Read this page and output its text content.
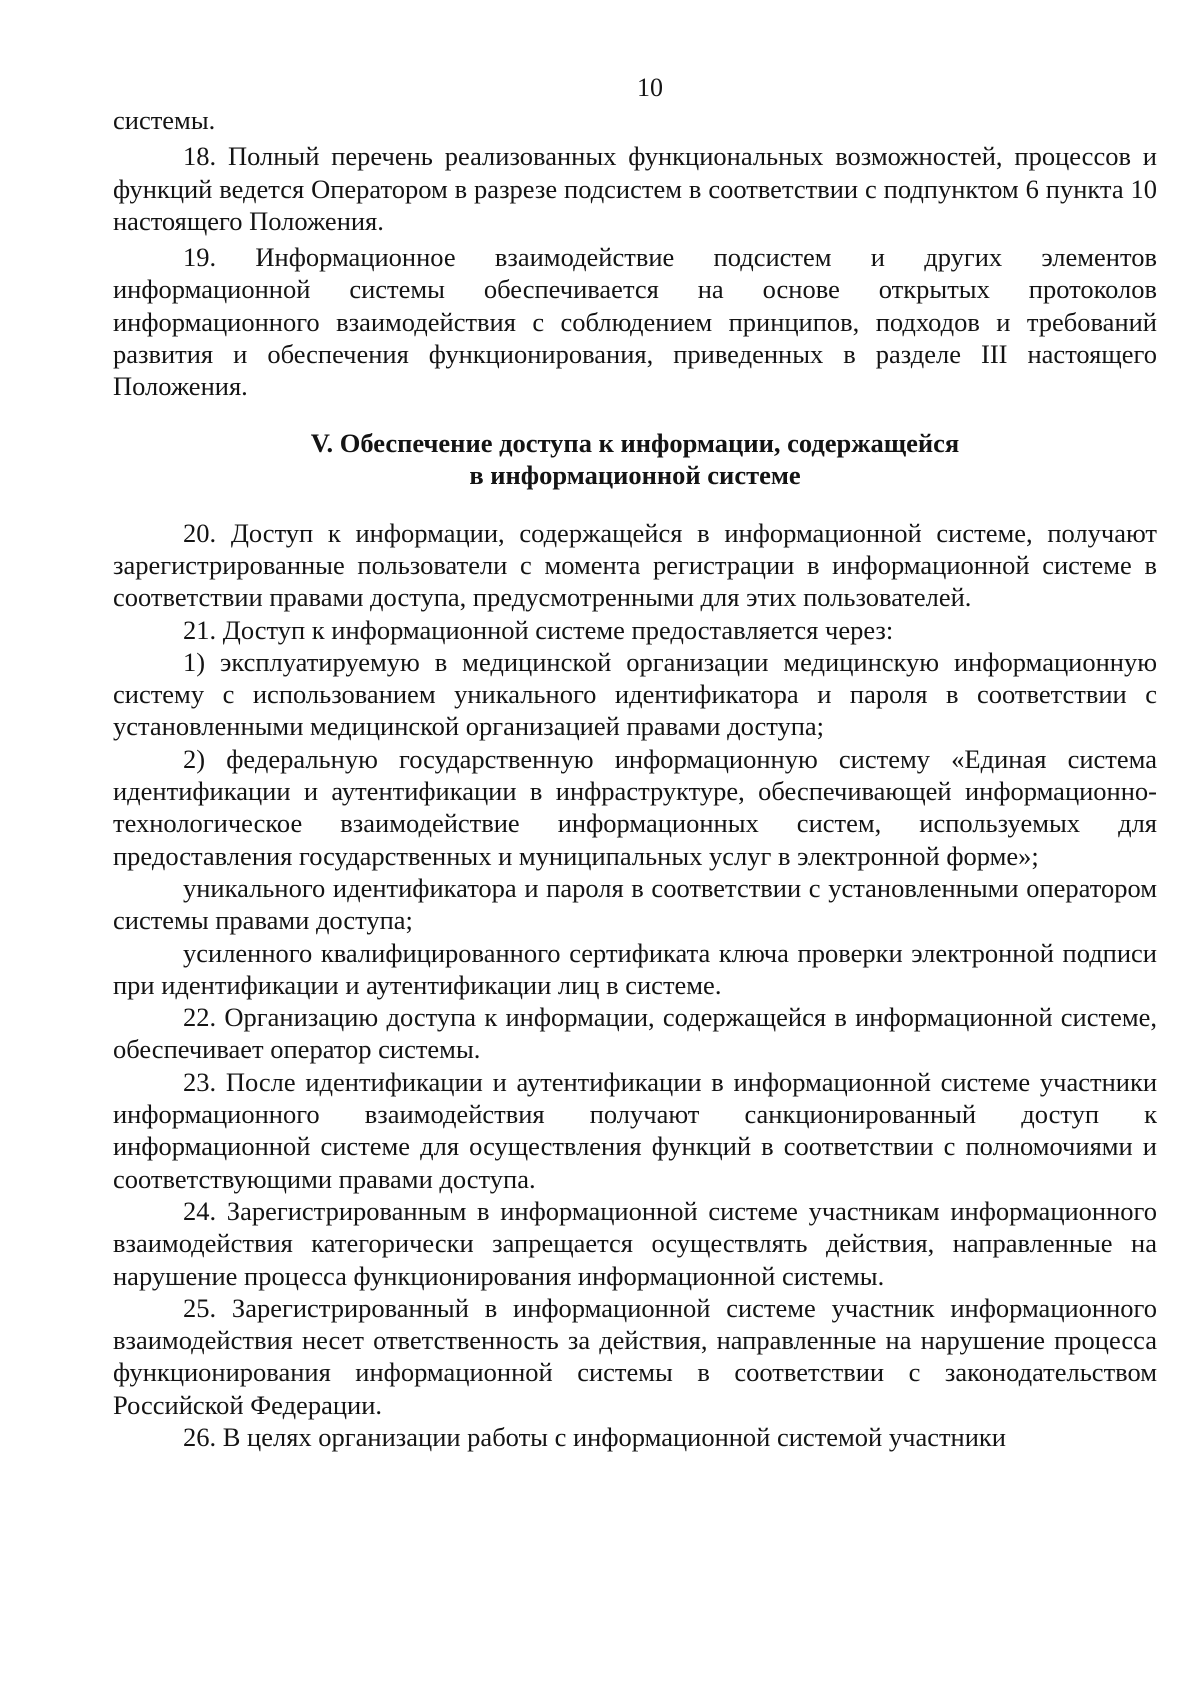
10

системы.

18. Полный перечень реализованных функциональных возможностей, процессов и функций ведется Оператором в разрезе подсистем в соответствии с подпунктом 6 пункта 10 настоящего Положения.

19. Информационное взаимодействие подсистем и других элементов информационной системы обеспечивается на основе открытых протоколов информационного взаимодействия с соблюдением принципов, подходов и требований развития и обеспечения функционирования, приведенных в разделе III настоящего Положения.

V. Обеспечение доступа к информации, содержащейся
в информационной системе

20. Доступ к информации, содержащейся в информационной системе, получают зарегистрированные пользователи с момента регистрации в информационной системе в соответствии правами доступа, предусмотренными для этих пользователей.

21. Доступ к информационной системе предоставляется через:

1) эксплуатируемую в медицинской организации медицинскую информационную систему с использованием уникального идентификатора и пароля в соответствии с установленными медицинской организацией правами доступа;

2) федеральную государственную информационную систему «Единая система идентификации и аутентификации в инфраструктуре, обеспечивающей информационно-технологическое взаимодействие информационных систем, используемых для предоставления государственных и муниципальных услуг в электронной форме»;

уникального идентификатора и пароля в соответствии с установленными оператором системы правами доступа;

усиленного квалифицированного сертификата ключа проверки электронной подписи при идентификации и аутентификации лиц в системе.

22. Организацию доступа к информации, содержащейся в информационной системе, обеспечивает оператор системы.

23. После идентификации и аутентификации в информационной системе участники информационного взаимодействия получают санкционированный доступ к информационной системе для осуществления функций в соответствии с полномочиями и соответствующими правами доступа.

24. Зарегистрированным в информационной системе участникам информационного взаимодействия категорически запрещается осуществлять действия, направленные на нарушение процесса функционирования информационной системы.

25. Зарегистрированный в информационной системе участник информационного взаимодействия несет ответственность за действия, направленные на нарушение процесса функционирования информационной системы в соответствии с законодательством Российской Федерации.

26. В целях организации работы с информационной системой участники
